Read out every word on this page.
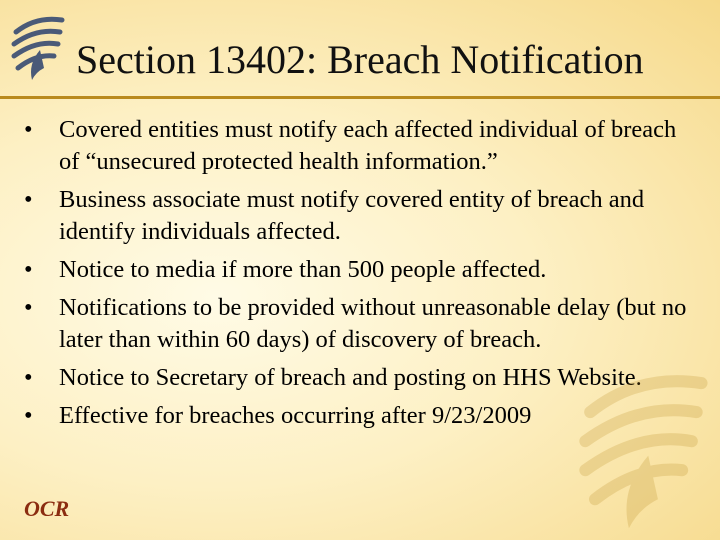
Section 13402: Breach Notification
•	Covered entities must notify each affected individual of breach of “unsecured protected health information.”
•	Business associate must notify covered entity of breach and identify individuals affected.
•	Notice to media if more than 500 people affected.
•	Notifications to be provided without unreasonable delay (but no later than within 60 days) of discovery of breach.
•	Notice to Secretary of breach and posting on HHS Website.
•	Effective for breaches occurring after 9/23/2009
OCR
